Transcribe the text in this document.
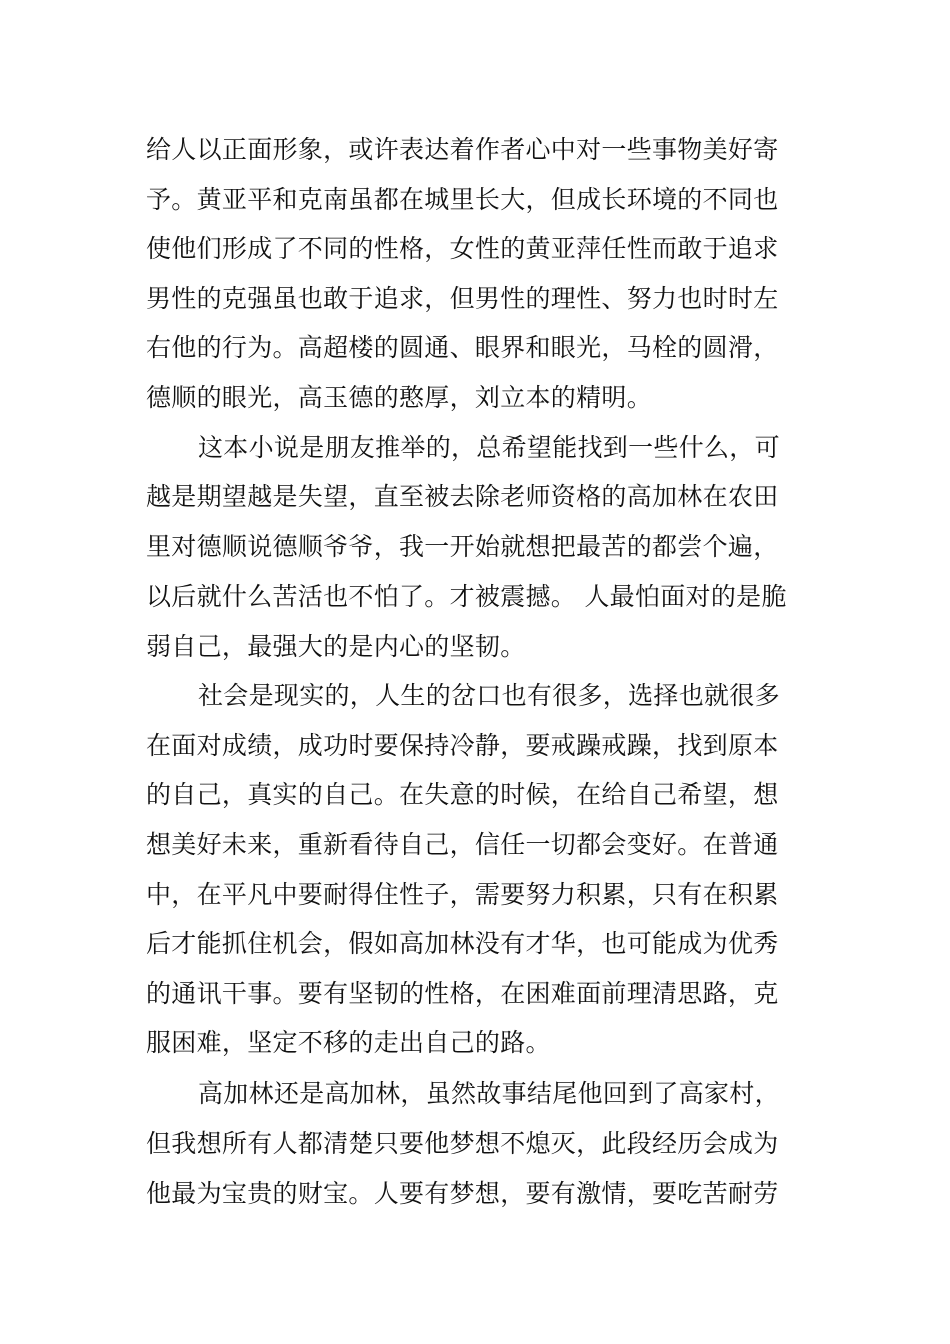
给人以正面形象，或许表达着作者心中对一些事物美好寄
予。黄亚平和克南虽都在城里长大，但成长环境的不同也
使他们形成了不同的性格，女性的黄亚萍任性而敢于追求
男性的克强虽也敢于追求，但男性的理性、努力也时时左
右他的行为。高超楼的圆通、眼界和眼光，马栓的圆滑，
德顺的眼光，高玉德的憨厚，刘立本的精明。
这本小说是朋友推举的，总希望能找到一些什么，可
越是期望越是失望，直至被去除老师资格的高加林在农田
里对德顺说德顺爷爷，我一开始就想把最苦的都尝个遍，
以后就什么苦活也不怕了。才被震撼。 人最怕面对的是脆
弱自己，最强大的是内心的坚韧。
社会是现实的，人生的岔口也有很多，选择也就很多
在面对成绩，成功时要保持冷静，要戒躁戒躁，找到原本
的自己，真实的自己。在失意的时候，在给自己希望，想
想美好未来，重新看待自己，信任一切都会变好。在普通
中，在平凡中要耐得住性子，需要努力积累，只有在积累
后才能抓住机会，假如高加林没有才华，也可能成为优秀
的通讯干事。要有坚韧的性格，在困难面前理清思路，克
服困难，坚定不移的走出自己的路。
高加林还是高加林，虽然故事结尾他回到了高家村，
但我想所有人都清楚只要他梦想不熄灭，此段经历会成为
他最为宝贵的财宝。人要有梦想，要有激情，要吃苦耐劳
